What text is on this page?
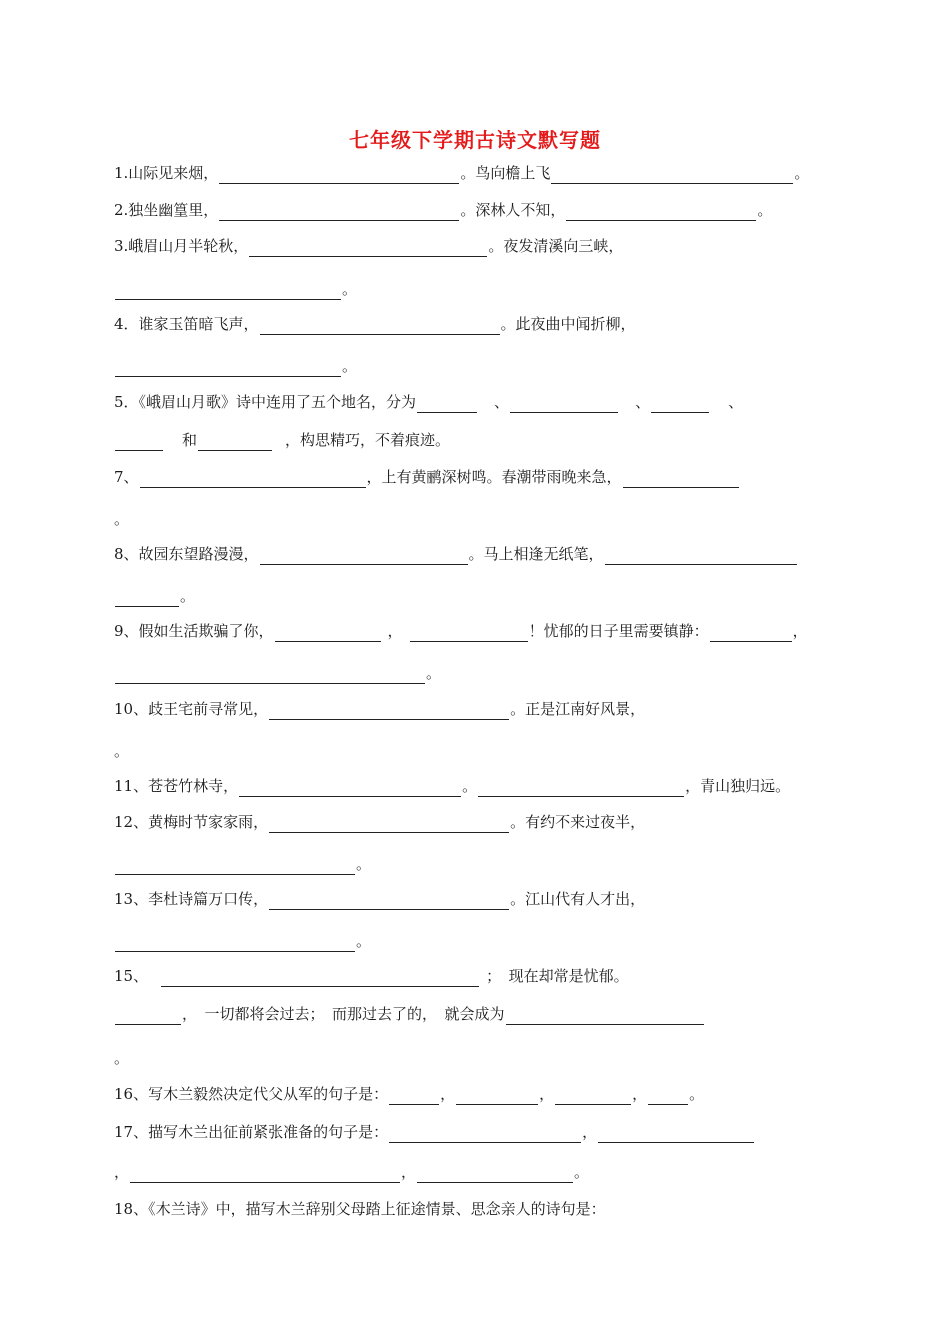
七年级下学期古诗文默写题
1.山际见来烟，	。鸟向檐上飞	。
2.独坐幽篁里，	。深林人不知，	。
3.峨眉山月半轮秋，	。夜发清溪向三峡，
。
4．谁家玉笛暗飞声，	。此夜曲中闻折柳，
。
5．《峨眉山月歌》诗中连用了五个地名，分为	、	、	、
和	，构思精巧，不着痕迹。
7、	，上有黄鹂深树鸣。春潮带雨晚来急，
。
8、故园东望路漫漫，	。马上相逢无纸笔，
。
9、假如生活欺骗了你，	，	！忧郁的日子里需要镇静：	，
。
10、歧王宅前寻常见，	。正是江南好风景，
。
11、苍苍竹林寺，	。	，青山独归远。
12、黄梅时节家家雨，	。有约不来过夜半，
。
13、李杜诗篇万口传，	。江山代有人才出，
。
15、	；　现在却常是忧郁。
，　一切都将会过去；　而那过去了的，　就会成为
。
16、写木兰毅然决定代父从军的句子是：	，	，	，	。
17、描写木兰出征前紧张准备的句子是：	，
，	，	。
18、《木兰诗》中，描写木兰辞别父母踏上征途情景、思念亲人的诗句是：
